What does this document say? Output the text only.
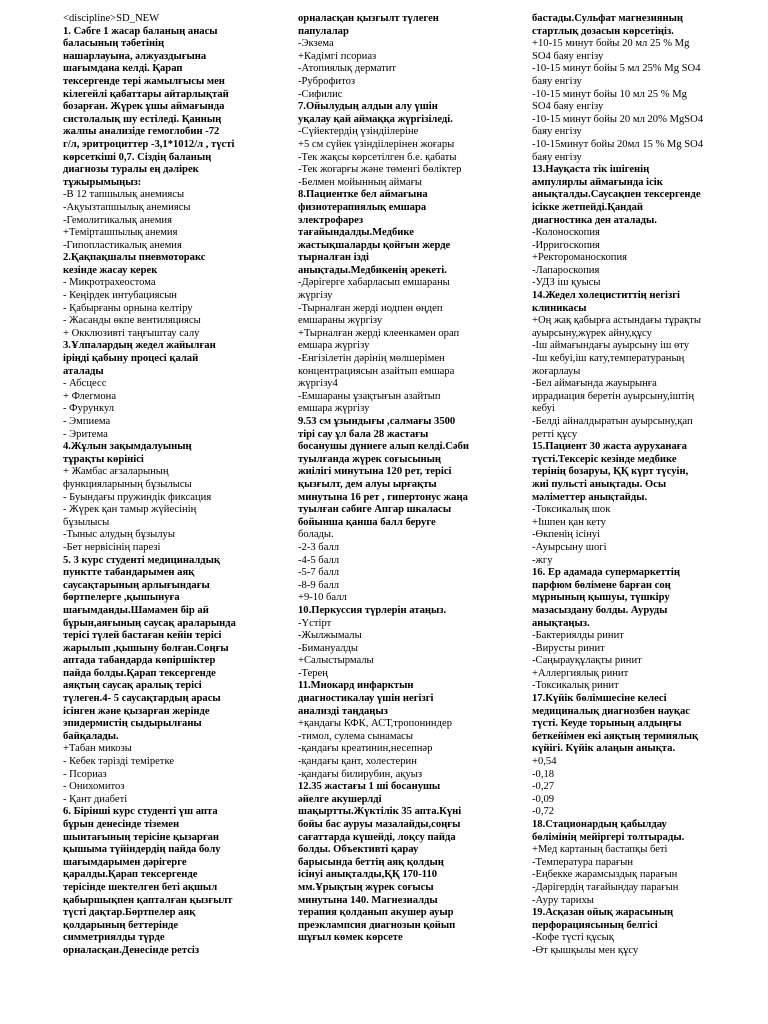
<discipline>SD_NEW
1. Сәбге 1 жасар баланың анасы
баласының тәбетінің
нашарлауына, әлжуаздығына
шағымдана келді. Қарап
тексергенде тері жамылғысы мен
кілегейлі қабаттары айтарлықтай
бозарған. Жүрек ұшы аймағында
систолалық шу естіледі. Қанның
жалпы анализіде гемоглобин -72
г/л, эритроциттер -3,1*1012/л , түсті
көрсеткіші 0,7. Сіздің баланың
диагнозы туралы ең дәлірек
тұжырымыңыз:
-В 12 тапшылық анемиясы
-Ақуызтапшылық анемиясы
-Гемолитикалық анемия
+Темірташпылық анемия
-Гипопластикалық анемия
2.Қақпақшалы пневмоторакс
кезінде жасау керек
- Микротрахеостома
- Кеңірдек интубациясын
- Қабырғаны орнына келтіру
- Жасанды өкпе вентиляциясы
+ Окклюзивті таңғыштау салу
3.Ұлпалардың жедел жайылған
іріңді қабыну процесі қалай
аталады
- Абсцесс
+ Флегмона
- Фурункул
- Эмпиема
- Эритема
4.Жұлын зақымдалуының
тұрақты көрінісі
+ Жамбас ағзаларының
функцияларының бұзылысы
- Буындағы пружиндік фиксация
- Жүрек қан тамыр жүйесінің
бұзылысы
-Тыныс алудың бұзылуы
-Бет нервісінің парезі
5. 3 курс студенті медициналдық
пунктте табандарымен аяқ
саусақтарының арлығындағы
бөртпелерге ,қышынуға
шағымданды.Шамамен бір ай
бұрын,аяғының саусақ араларында
терісі түлей бастаған кейін терісі
жарылып ,қышыну болған.Соңғы
аптада табандарда көпіршіктер
пайда болды.Қарап тексергенде
аяқтың саусақ аралық терісі
түлеген.4- 5 саусақтардың арасы
ісінген және қызарған жерінде
эпидермистің сыдырылғаны
байқалады.
+Табан микозы
- Кебек тәрізді теміретке
- Псориаз
- Онихомитоз
- Қант диабеті
6. Бірінші курс студенті үш апта
бұрын денесінде тіземен
шынтағының терісіне қызарған
қышыма түйіндердің пайда болу
шағымдарымен дәрігерге
қаралды.Қарап тексергенде
терісінде шектелген беті ақшыл
қабыршықпен қапталған қызғылт
түсті дақтар.Бөртпелер аяқ
қолдарының беттерінде
симметриялды түрде
орналасқан.Денесінде ретсіз
орналасқан қызғылт түлеген
папулалар
-Экзема
+Кәдімгі псориаз
-Атопиялық дерматит
-Руброфитоз
-Сифилис
7.Ойылудың алдын алу үшін
уқалау қай аймаққа жүргізіледі.
-Сүйектердің үзіндіілеріне
+5 см сүйек үзіндіілерінен жоғары
-Тек жақсы көрсетілген б.е. қабаты
-Тек жоғарғы және төменгі бөліктер
-Белмен мойынның аймағы
8.Пациентке бел аймағына
физиотерапиялық емшара
электрофарез
тағайындалды.Медбике
жастықшаларды қойғын жерде
тырналған ізді
анықтады.Медбикенің әрекеті.
-Дәрігерге хабарласып емшараны
жүргізу
-Тырналған жерді иодпен өңдеп
емшараны жүргізу
+Тырналған жерді клеенкамен орап
емшара жүргізу
-Енгізілетін дәрінің мөлшерімен
концентрациясын азайтып емшара
жүргізу4
-Емшараны ұзақтығын азайтып
емшара жүргізу
9.53 см ұзындығы ,салмағы 3500
тірі сау ұл бала 28 жастағы
босанушы дүниеге алып келді.Сәби
туылғанда жүрек соғысының
жиілігі минутына 120 рет, терісі
қызғылт, дем алуы ырғақты
минутына 16 рет , гипертонус жаңа
туылған сәбиге Апгар шкаласы
бойынша қанша балл беруге
болады.
-2-3 балл
-4-5 балл
-5-7 балл
-8-9 балл
+9-10 балл
10.Перкуссия түрлерін атаңыз.
-Үстірт
-Жылжымалы
-Бимануалды
+Салыстырмалы
-Терең
11.Миокард инфарктын
диагностикалау үшін негізгі
анализді таңдаңыз
+қандағы КФК, АСТ,тропониндер
-тимол, сулема сынамасы
-қандағы креатинин,несепнәр
-қандағы қант, холестерин
-қандағы билирубин, ақуыз
12.35 жастағы 1 ші босанушы
әйелге акушерлді
шақыртты.Жүктілік 35 апта.Күні
бойы бас ауруы мазалайды,соңғы
сағаттарда күшейді, лоқсу пайда
болды. Объективті қарау
барысында беттің аяқ қолдың
ісінуі анықталды,ҚҚ 170-110
мм.Ұрықтың жүрек соғысы
минутына 140. Магнезиалды
терапия қолданып акушер ауыр
преэклампсия диагнозын қойып
шұғыл көмек көрсете
бастады.Сульфат магнезияның
стартлық дозасын көрсетіңіз.
+10-15 минут бойы 20 мл 25 % Mg
SO4 баяу енгізу
-10-15 минут бойы 5 мл 25% Mg SO4
баяу енгізу
-10-15 минут бойы 10 мл 25 % Mg
SO4 баяу енгізу
-10-15 минут бойы 20 мл 20% MgSO4
баяу енгізу
-10-15минут бойы 20мл 15 % Mg SO4
баяу енгізу
13.Науқаста тік ішігенің
ампулярлы аймағында ісік
анықталды.Саусақпен тексергенде
ісікке жетпейді.Қандай
диагностика ден аталады.
-Колоноскопия
-Ирригоскопия
+Ректороманоскопия
-Лапароскопия
-УДЗ іш қуысы
14.Жедел холециститтің негізгі
клиникасы
+Оң жақ қабырға астындағы тұрақты
ауырсыну,жүрек айну,құсу
-Іш аймағындағы ауырсыну іш өту
-Іш кебуі,іш кату,температураның
жоғарлауы
-Бел аймағында жауырынға
иррадиация беретін ауырсыну,іштің
кебуі
-Белді айналдыратын ауырсыну,қап
ретті құсу
15.Пациент 30 жаста ауруханаға
түсті.Тексеріс кезінде медбике
терінің бозаруы, ҚҚ күрт түсуін,
жиі пульсті анықтады. Осы
мәліметтер анықтайды.
-Токсикалық шок
+Ішпен қан кету
-Өкпенің ісінуі
-Ауырсыну шогі
-жгу
16. Ер адамада супермаркеттің
парфюм бөлімене барған соң
мұрнының қышуы, түшкіру
мазасыздану болды. Ауруды
анықтаңыз.
-Бактериялды ринит
-Вирусты ринит
-Саңырауқұлақты ринит
+Аллергиялық ринит
-Токсикалық ринит
17.Күйік бөлімшесіне келесі
медициналық диагнозбен науқас
түсті. Кеуде торының алдыңғы
беткейімен екі аяқтың термиялық
күйігі. Күйік алаңын анықта.
+0,54
-0,18
-0,27
-0,09
-0,72
18.Стационардың қабылдау
бөлімінің мейіргері толтырады.
+Мед картаның бастапқы беті
-Температура парағын
-Еңбекке жарамсыздық парағын
-Дәрігердің тағайындау парағын
-Ауру тарихы
19.Асқазан ойық жарасының
перфорациясының белгісі
-Кофе түсті құсық
-Өт қышқылы мен құсу
